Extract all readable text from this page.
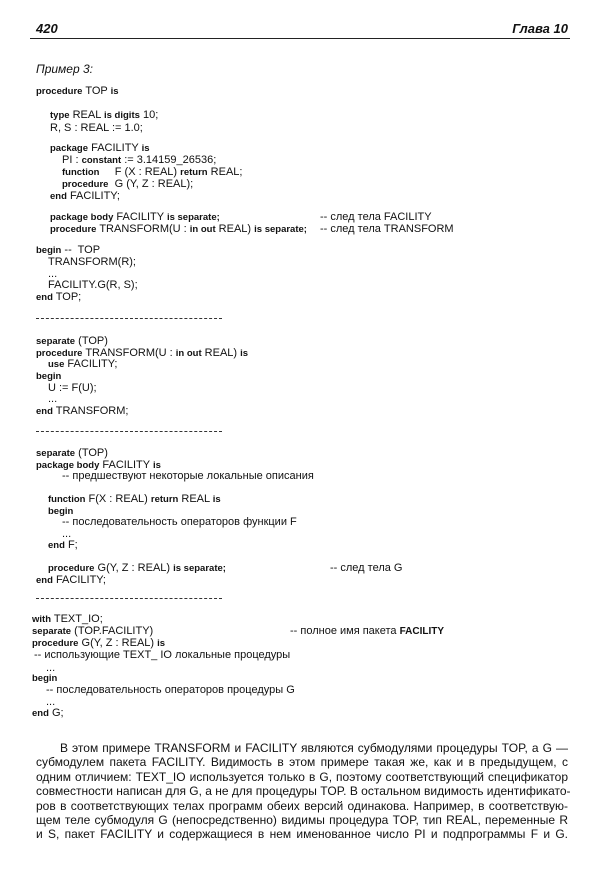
420	Глава 10
Пример 3:
procedure TOP is
type REAL is digits 10;
R, S : REAL := 1.0;
package FACILITY is
PI : constant := 3.14159_26536;
function     F (X : REAL) return REAL;
procedure  G (Y, Z : REAL);
end FACILITY;
package body FACILITY is separate;
procedure TRANSFORM(U : in out REAL) is separate;
-- след тела FACILITY
-- след тела TRANSFORM
begin --  TOP
TRANSFORM(R);
...
FACILITY.G(R, S);
end TOP;
separate (TOP)
procedure TRANSFORM(U : in out REAL) is
use FACILITY;
begin
U := F(U);
...
end TRANSFORM;
separate (TOP)
package body FACILITY is
-- предшествуют некоторые локальные описания
function F(X : REAL) return REAL is
begin
-- последовательность операторов функции F
...
end F;
procedure G(Y, Z : REAL) is separate;	-- след тела G
end FACILITY;
with TEXT_IO;
separate (TOP.FACILITY)	-- полное имя пакета FACILITY
procedure G(Y, Z : REAL) is
-- использующие TEXT_ IO локальные процедуры
...
begin
-- последовательность операторов процедуры G
...
end G;
В этом примере TRANSFORM и FACILITY являются субмодулями процедуры TOP, а G —
субмодулем пакета FACILITY. Видимость в этом примере такая же, как и в предыдущем, с
одним отличием: TEXT_IO используется только в G, поэтому соответствующий спецификатор
совместности написан для G, а не для процедуры TOP. В остальном видимость идентификато-
ров в соответствующих телах программ обеих версий одинакова. Например, в соответствую-
щем теле субмодуля G (непосредственно) видимы процедура TOP, тип REAL, переменные R
и S, пакет FACILITY и содержащиеся в нем именованное число PI и подпрограммы F и G.
